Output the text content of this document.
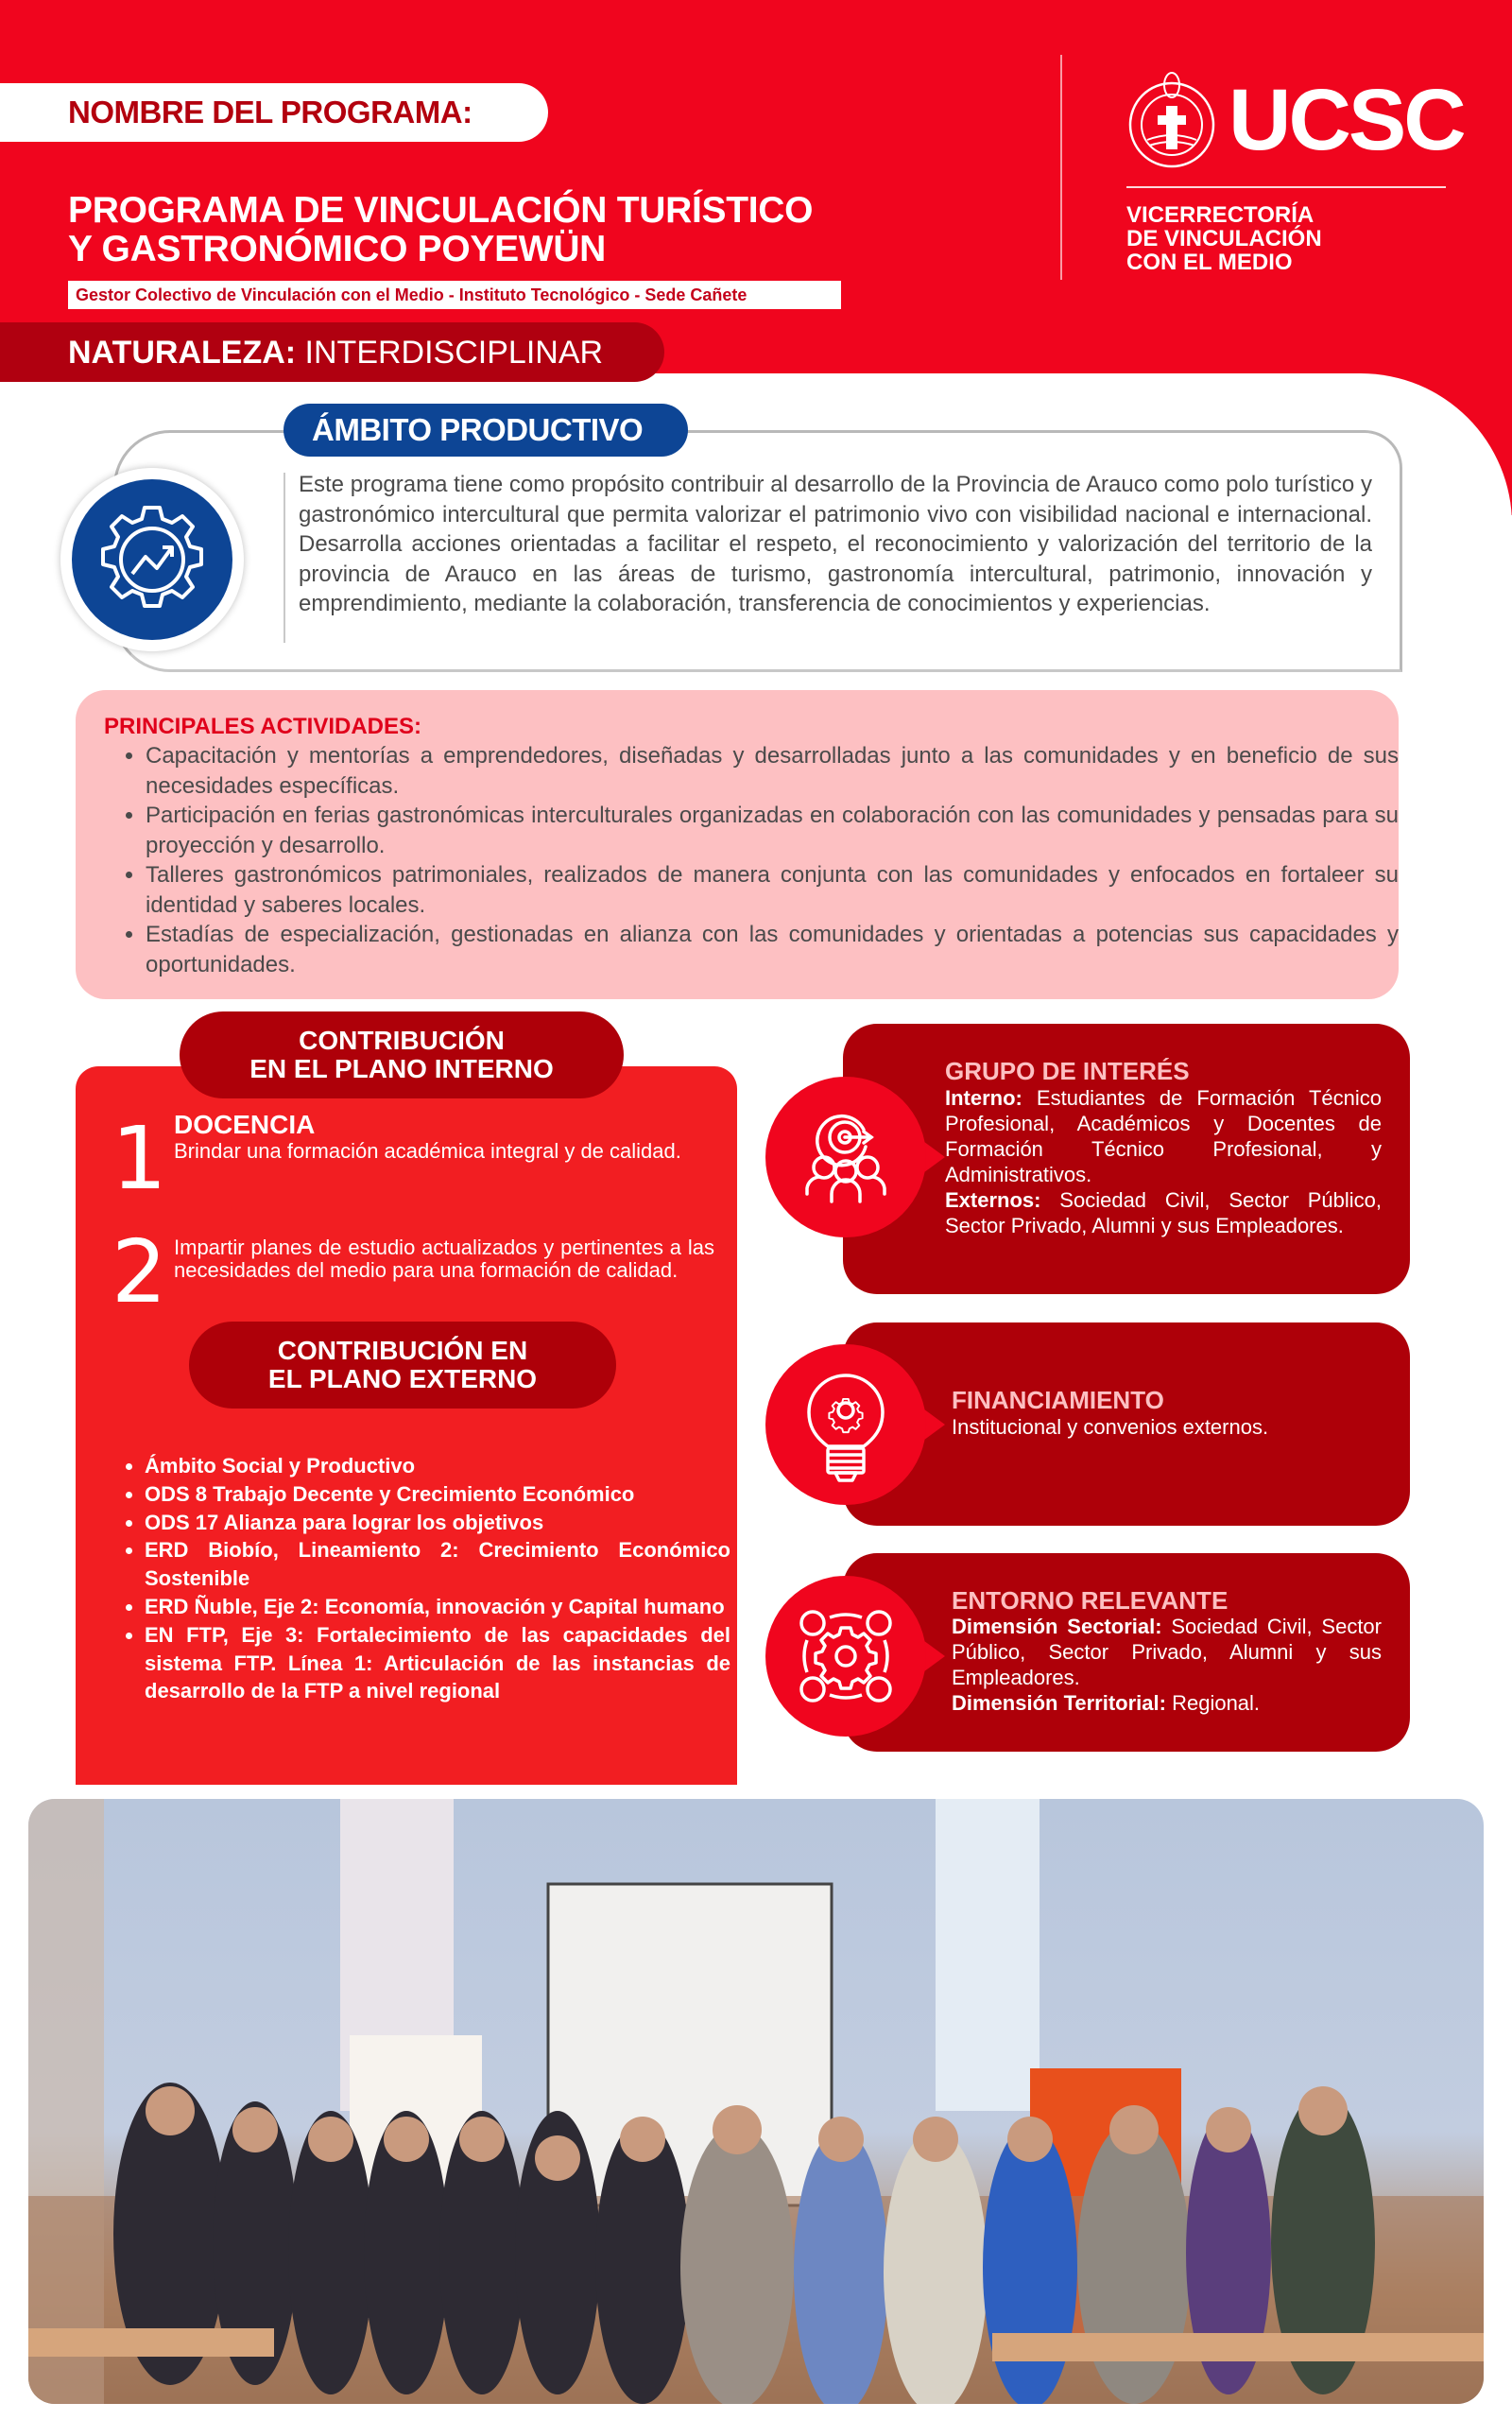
NOMBRE DEL PROGRAMA:
PROGRAMA DE VINCULACIÓN TURÍSTICO
Y GASTRONÓMICO POYEWÜN
Gestor Colectivo de Vinculación con el Medio - Instituto Tecnológico - Sede Cañete
NATURALEZA: INTERDISCIPLINAR
UCSC
VICERRECTORÍA
DE VINCULACIÓN
CON EL MEDIO
ÁMBITO PRODUCTIVO
Este programa tiene como propósito contribuir al desarrollo de la Provincia de Arauco como polo turístico y gastronómico intercultural que permita valorizar el patrimonio vivo con visibilidad nacional e internacional. Desarrolla acciones orientadas a facilitar el respeto, el reconocimiento y valorización del territorio de la provincia de Arauco en las áreas de turismo, gastronomía intercultural, patrimonio, innovación y emprendimiento, mediante la colaboración, transferencia de conocimientos y experiencias.
PRINCIPALES ACTIVIDADES:
• Capacitación y mentorías a emprendedores, diseñadas y desarrolladas junto a las comunidades y en beneficio de sus necesidades específicas.
• Participación en ferias gastronómicas interculturales organizadas en colaboración con las comunidades y pensadas para su proyección y desarrollo.
• Talleres gastronómicos patrimoniales, realizados de manera conjunta con las comunidades y enfocados en fortaleer su identidad y saberes locales.
• Estadías de especialización, gestionadas en alianza con las comunidades y orientadas a potencias sus capacidades y oportunidades.
CONTRIBUCIÓN
EN EL PLANO INTERNO
1 DOCENCIA
Brindar una formación académica integral y de calidad.
2 Impartir planes de estudio actualizados y pertinentes a las necesidades del medio para una formación de calidad.
CONTRIBUCIÓN EN
EL PLANO EXTERNO
• Ámbito Social y Productivo
• ODS 8 Trabajo Decente y Crecimiento Económico
• ODS 17 Alianza para lograr los objetivos
• ERD Biobío, Lineamiento 2: Crecimiento Económico Sostenible
• ERD Ñuble, Eje 2: Economía, innovación y Capital humano
• EN FTP, Eje 3: Fortalecimiento de las capacidades del sistema FTP. Línea 1: Articulación de las instancias de desarrollo de la FTP a nivel regional
GRUPO DE INTERÉS
Interno: Estudiantes de Formación Técnico Profesional, Académicos y Docentes de Formación Técnico Profesional, y Administrativos.
Externos: Sociedad Civil, Sector Público, Sector Privado, Alumni y sus Empleadores.
FINANCIAMIENTO
Institucional y convenios externos.
ENTORNO RELEVANTE
Dimensión Sectorial: Sociedad Civil, Sector Público, Sector Privado, Alumni y sus Empleadores.
Dimensión Territorial: Regional.
